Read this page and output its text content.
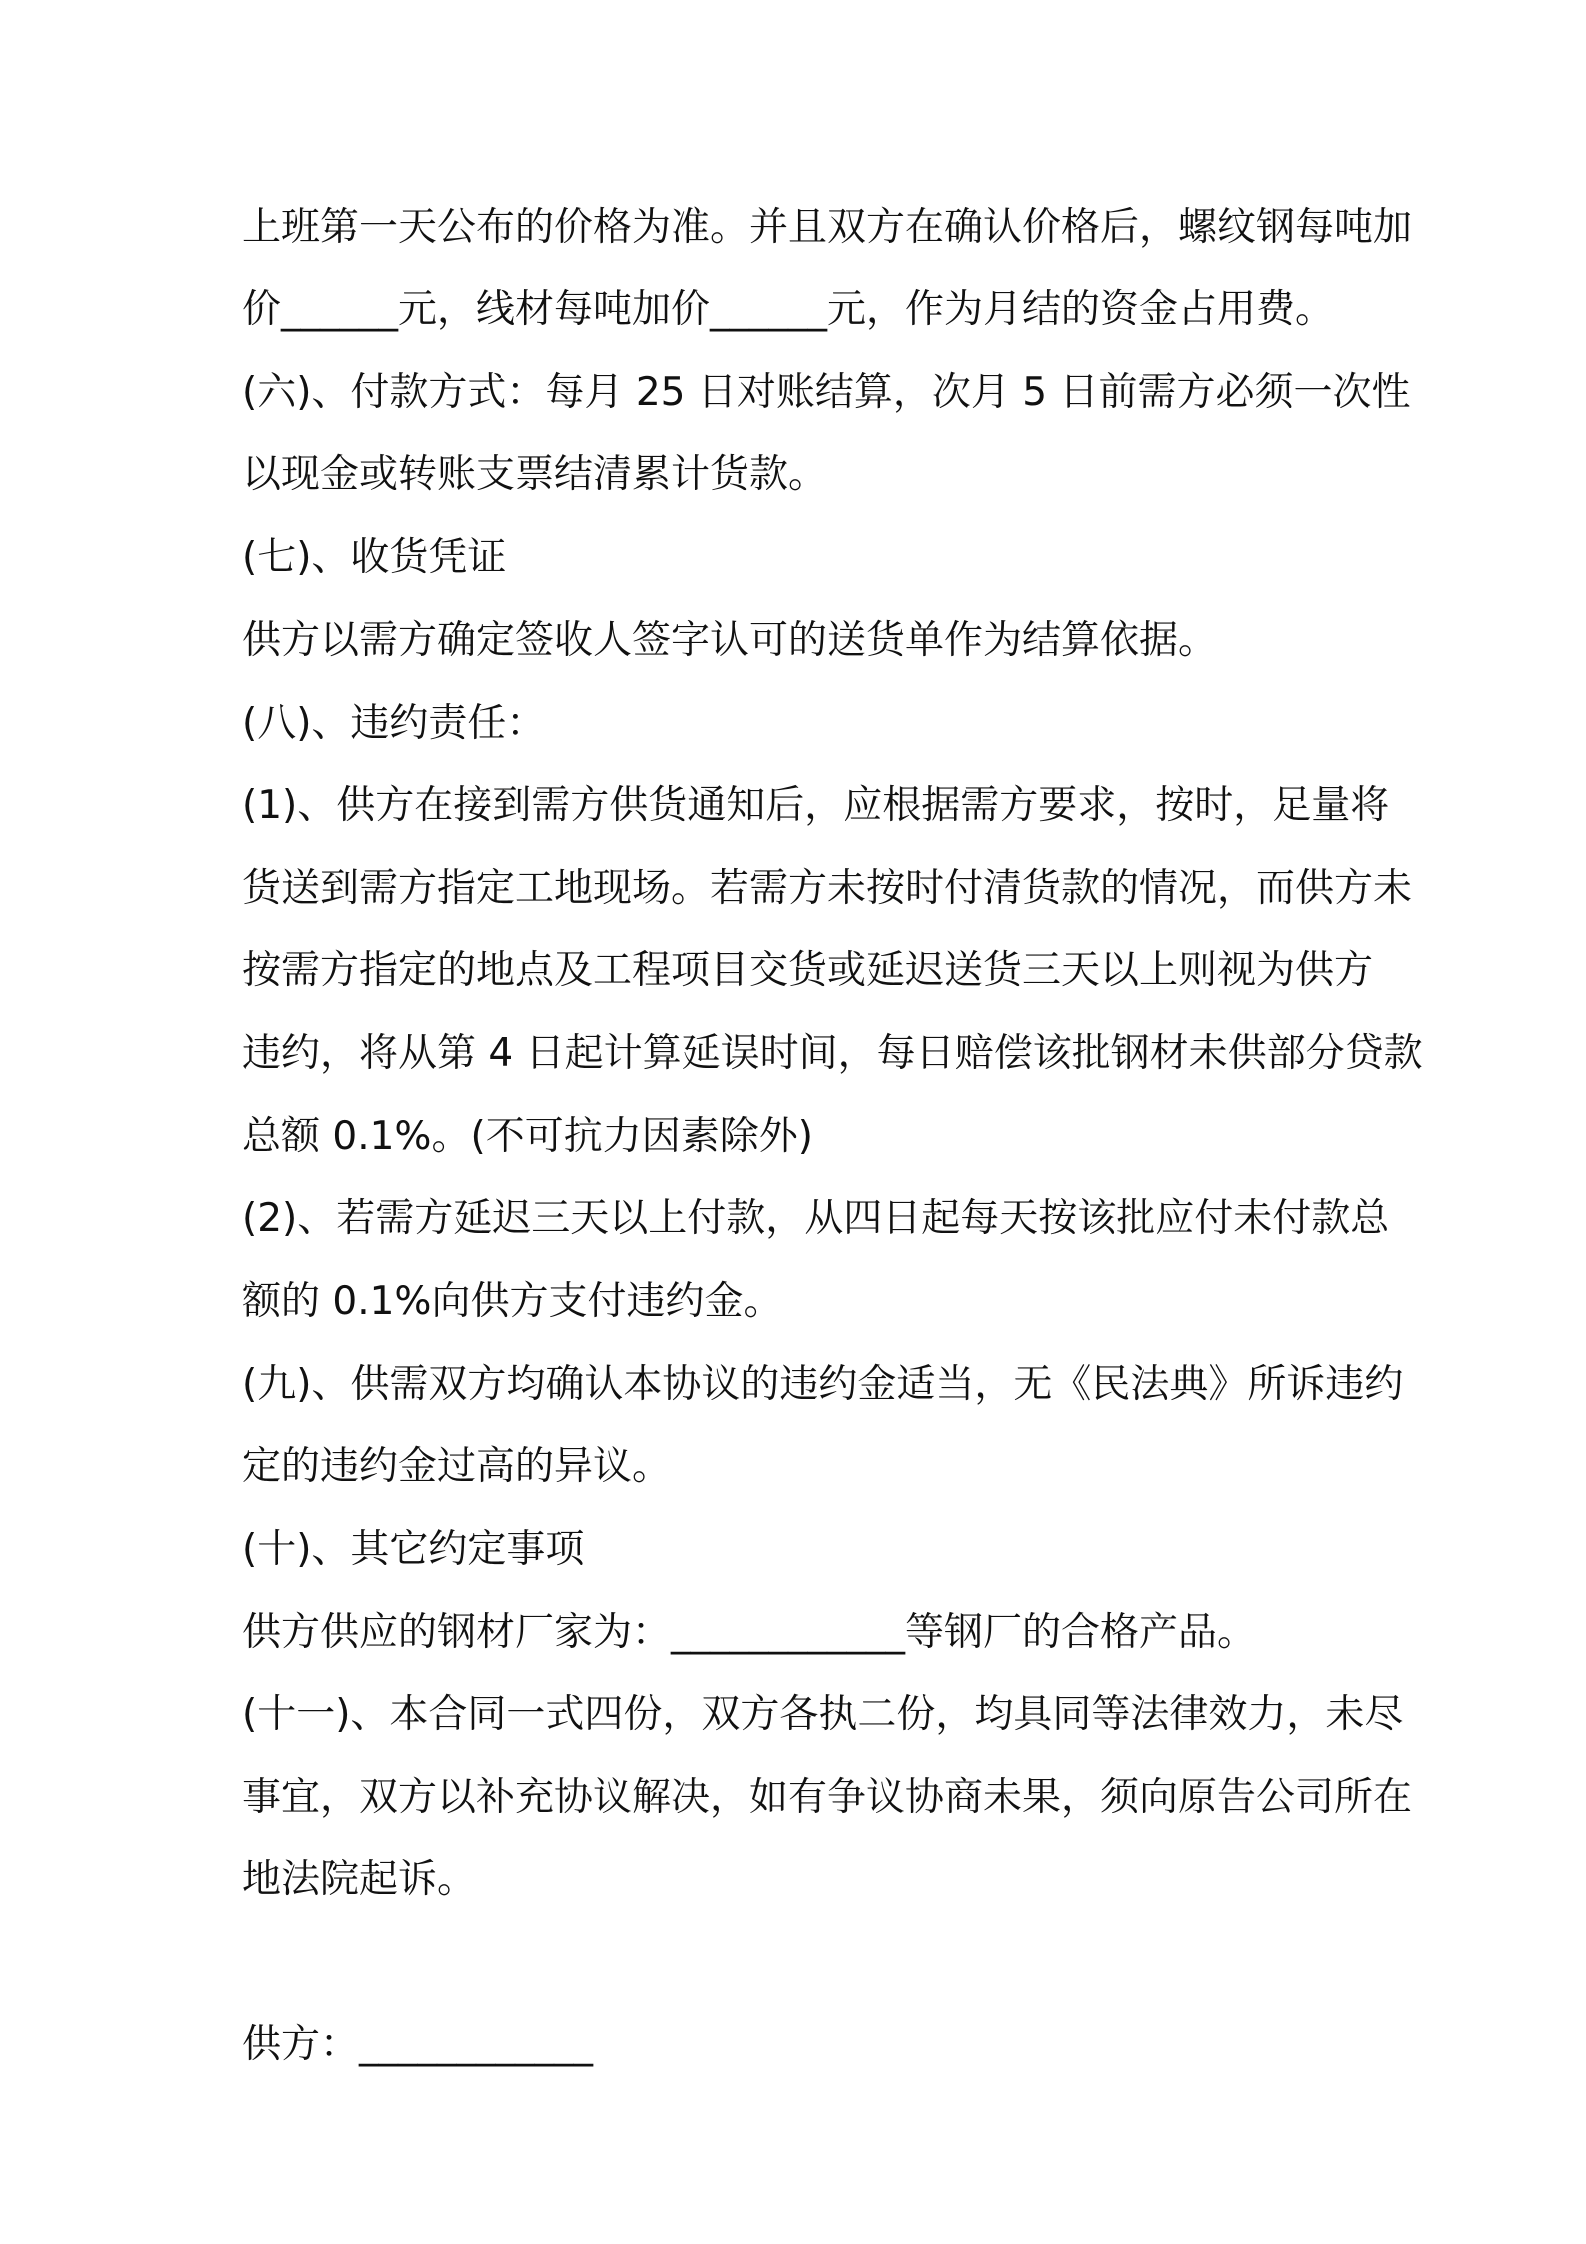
上班第一天公布的价格为准。并且双方在确认价格后，螺纹钢每吨加

价______元，线材每吨加价______元，作为月结的资金占用费。

(六)、付款方式：每月 25 日对账结算，次月 5 日前需方必须一次性

以现金或转账支票结清累计货款。

(七)、收货凭证

供方以需方确定签收人签字认可的送货单作为结算依据。

(八)、违约责任：

(1)、供方在接到需方供货通知后，应根据需方要求，按时，足量将

货送到需方指定工地现场。若需方未按时付清货款的情况，而供方未

按需方指定的地点及工程项目交货或延迟送货三天以上则视为供方

违约，将从第 4 日起计算延误时间，每日赔偿该批钢材未供部分贷款

总额 0.1%。(不可抗力因素除外)

(2)、若需方延迟三天以上付款，从四日起每天按该批应付未付款总

额的 0.1%向供方支付违约金。

(九)、供需双方均确认本协议的违约金适当，无《民法典》所诉违约

定的违约金过高的异议。

(十)、其它约定事项

供方供应的钢材厂家为：____________等钢厂的合格产品。

(十一)、本合同一式四份，双方各执二份，均具同等法律效力，未尽

事宜，双方以补充协议解决，如有争议协商未果，须向原告公司所在

地法院起诉。

供方：____________
